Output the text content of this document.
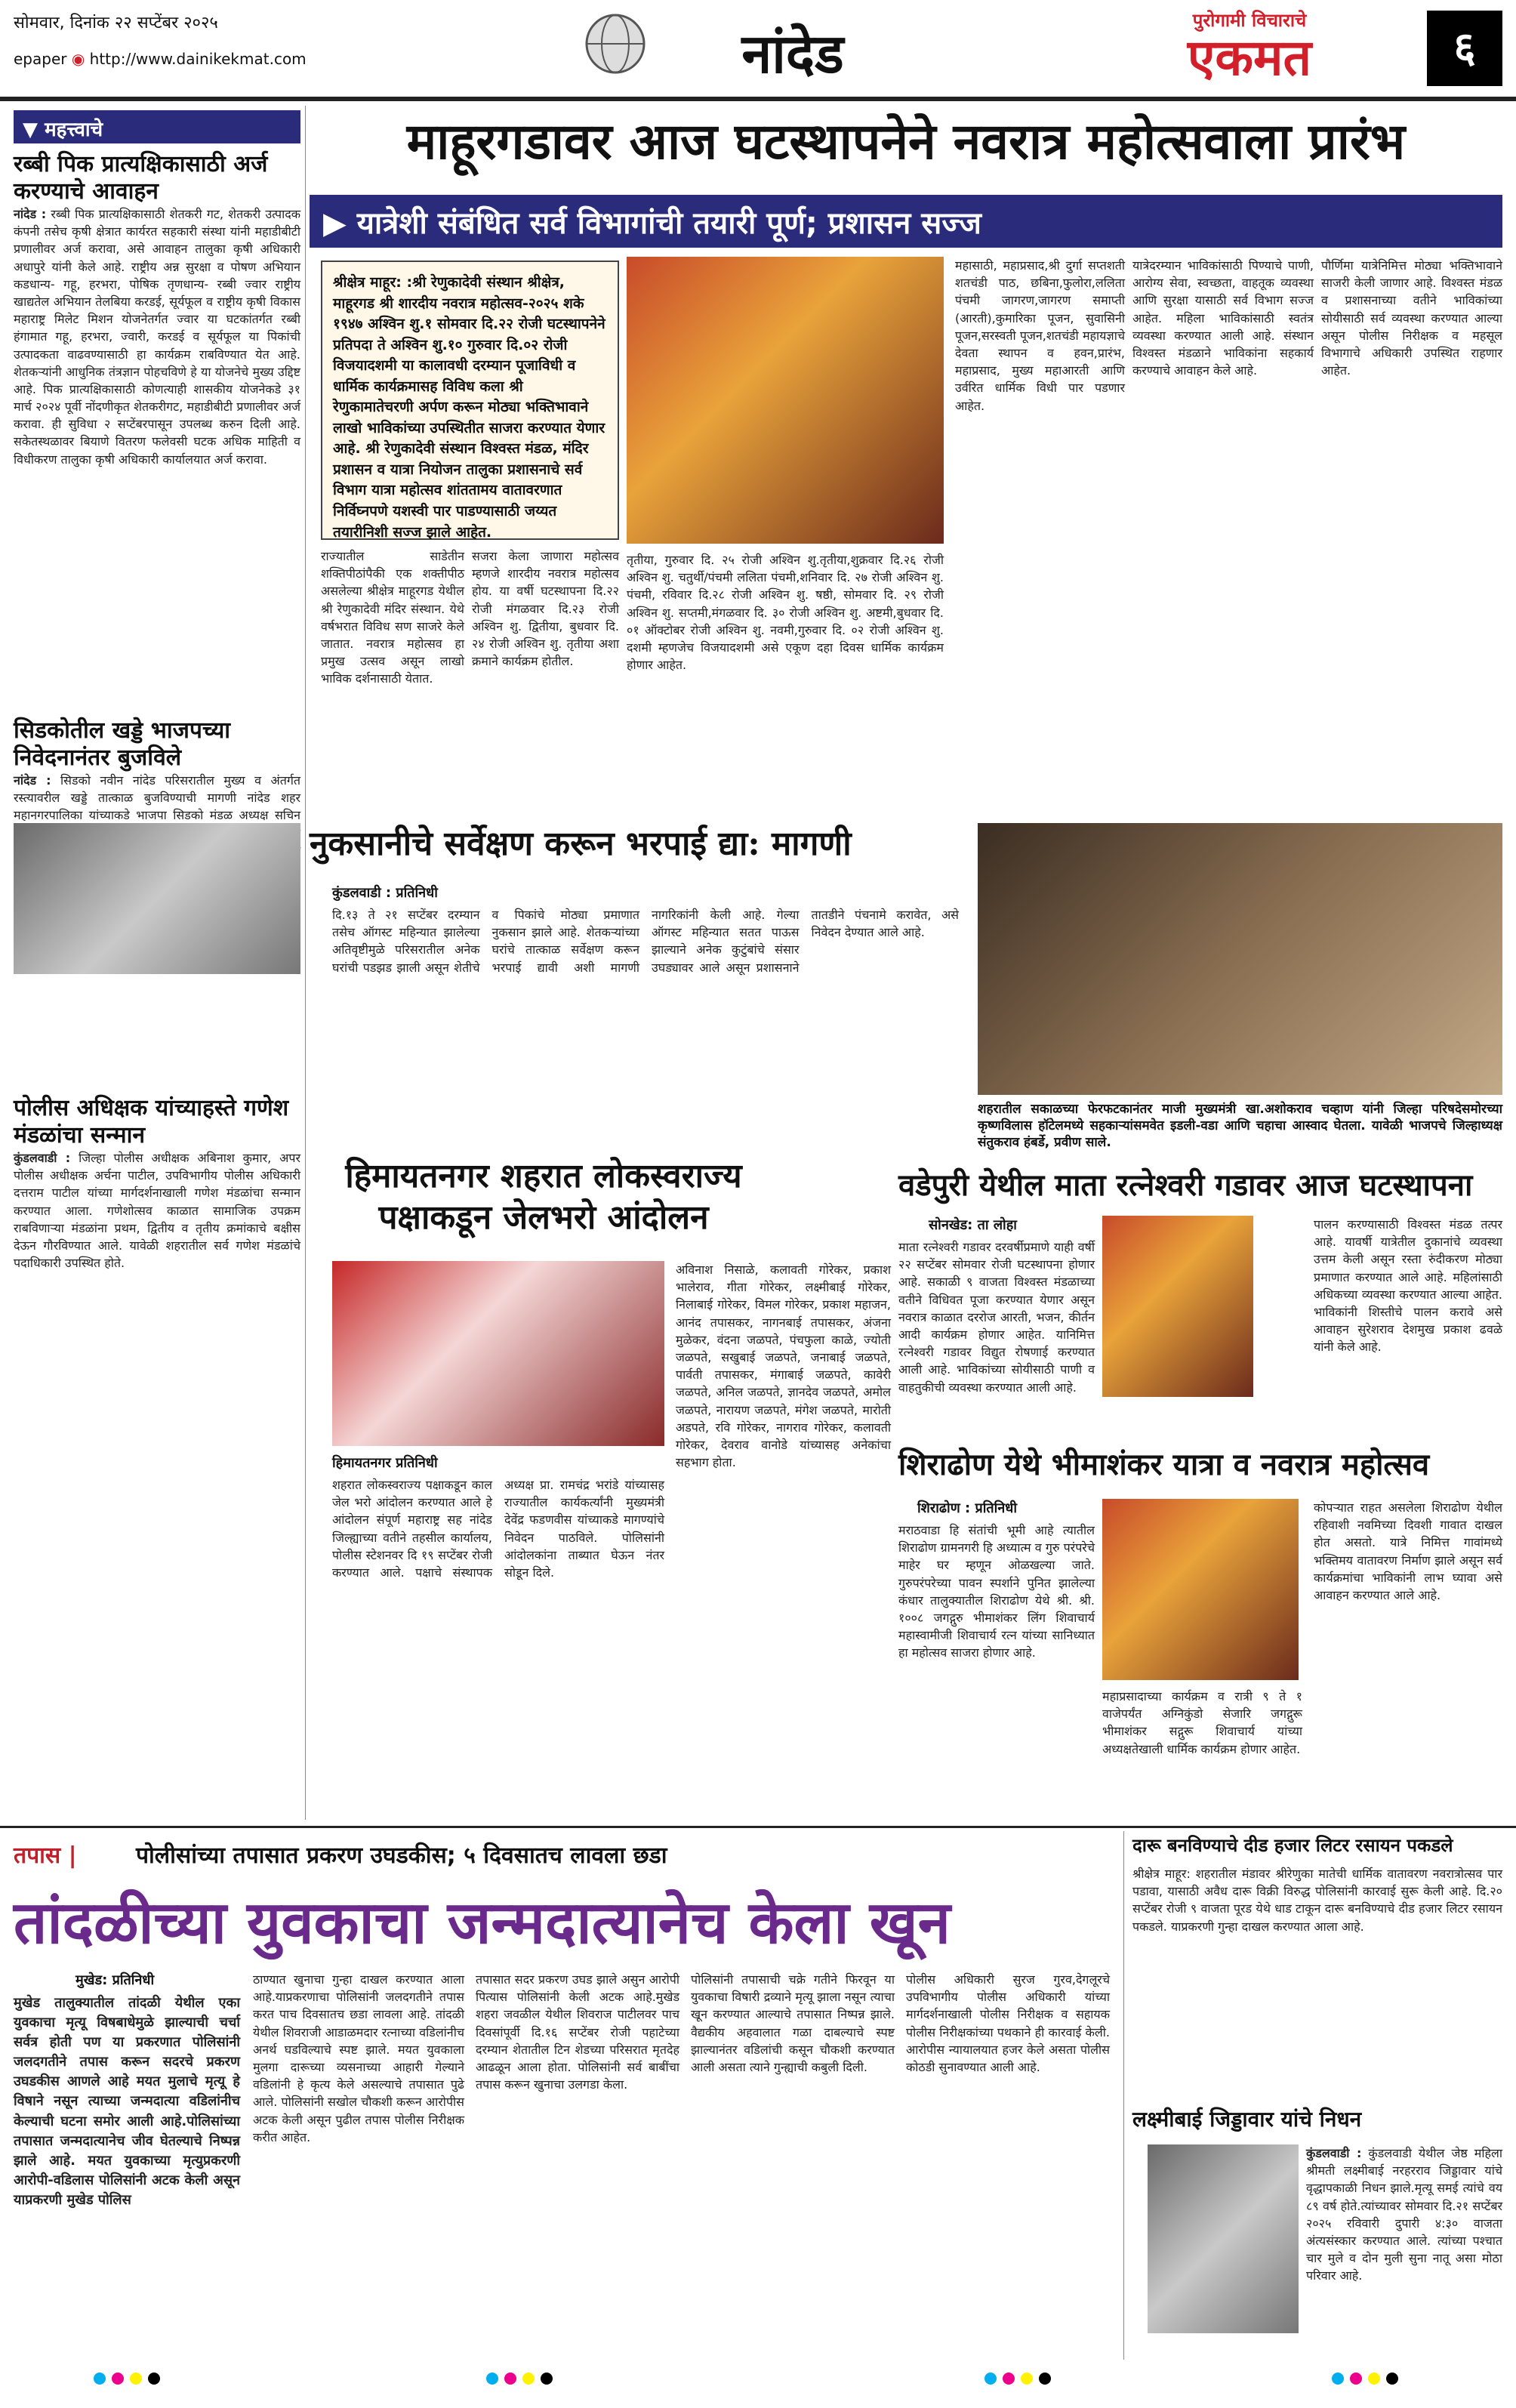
सोमवार, दिनांक २२ सप्टेंबर २०२५
epaper ◉ http://www.dainikekmat.com	नांदेड
पुरोगामी विचाराचे
एकमत	६
▼ महत्त्वाचे
रब्बी पिक प्रात्यक्षिकासाठी अर्ज करण्याचे आवाहन
नांदेड : रब्बी पिक प्रात्यक्षिकासाठी शेतकरी गट, शेतकरी उत्पादक कंपनी तसेच कृषी क्षेत्रात कार्यरत सहकारी संस्था यांनी महाडीबीटी प्रणालीवर अर्ज करावा, असे आवाहन तालुका कृषी अधिकारी अधापुरे यांनी केले आहे. राष्ट्रीय अन्न सुरक्षा व पोषण अभियान कडधान्य- गहू, हरभरा, पोषिक तृणधान्य- रब्बी ज्वार राष्ट्रीय खाद्यतेल अभियान तेलबिया करडई, सूर्यफूल व राष्ट्रीय कृषी विकास महाराष्ट्र मिलेट मिशन योजनेतर्गत ज्वार या घटकांतर्गत रब्बी हंगामात गहू, हरभरा, ज्वारी, करडई व सूर्यफूल या पिकांची उत्पादकता वाढवण्यासाठी हा कार्यक्रम राबविण्यात येत आहे. शेतकऱ्यांनी आधुनिक तंत्रज्ञान पोहचविणे हे या योजनेचे मुख्य उद्दिष्ट आहे. पिक प्रात्यक्षिकासाठी कोणत्याही शासकीय योजनेकडे ३१ मार्च २०२४ पूर्वी नोंदणीकृत शेतकरीगट, महाडीबीटी प्रणालीवर अर्ज करावा. ही सुविधा २ सप्टेंबरपासून उपलब्ध करुन दिली आहे. सकेतस्थळावर बियाणे वितरण फलेवसी घटक अधिक माहिती व विधीकरण तालुका कृषी अधिकारी कार्यालयात अर्ज करावा.
सिडकोतील खड्डे भाजपच्या निवेदनानंतर बुजविले
नांदेड : सिडको नवीन नांदेड परिसरातील मुख्य व अंतर्गत रस्त्यावरील खड्डे तात्काळ बुजविण्याची मागणी नांदेड शहर महानगरपालिका यांच्याकडे भाजपा सिडको मंडळ अध्यक्ष सचिन
पोलीस अधिक्षक यांच्याहस्ते गणेश मंडळांचा सन्मान
कुंडलवाडी : जिल्हा पोलीस अधीक्षक अबिनाश कुमार, अपर पोलीस अधीक्षक अर्चना पाटील, उपविभागीय पोलीस अधिकारी दत्तराम पाटील यांच्या मार्गदर्शनाखाली गणेश मंडळांचा सन्मान करण्यात आला. गणेशोत्सव काळात सामाजिक उपक्रम राबविणाऱ्या मंडळांना प्रथम, द्वितीय व तृतीय क्रमांकाचे बक्षीस देऊन गौरविण्यात आले. यावेळी शहरातील सर्व गणेश मंडळांचे पदाधिकारी उपस्थित होते.
माहूरगडावर आज घटस्थापनेने नवरात्र महोत्सवाला प्रारंभ
▶ यात्रेशी संबंधित सर्व विभागांची तयारी पूर्ण; प्रशासन सज्ज
श्रीक्षेत्र माहूर: :श्री रेणुकादेवी संस्थान श्रीक्षेत्र, माहूरगड श्री शारदीय नवरात्र महोत्सव-२०२५ शके १९४७ अश्विन शु.१ सोमवार दि.२२ रोजी घटस्थापनेने प्रतिपदा ते अश्विन शु.१० गुरुवार दि.०२ रोजी विजयादशमी या कालावधी दरम्यान पूजाविधी व धार्मिक कार्यक्रमासह विविध कला श्री रेणुकामातेचरणी अर्पण करून मोठ्या भक्तिभावाने लाखो भाविकांच्या उपस्थितीत साजरा करण्यात येणार आहे. श्री रेणुकादेवी संस्थान विश्वस्त मंडळ, मंदिर प्रशासन व यात्रा नियोजन तालुका प्रशासनाचे सर्व विभाग यात्रा महोत्सव शांततामय वातावरणात निर्विघ्नपणे यशस्वी पार पाडण्यासाठी जय्यत तयारीनिशी सज्ज झाले आहेत.
तृतीया, गुरुवार दि. २५ रोजी अश्विन शु.तृतीया,शुक्रवार दि.२६ रोजी अश्विन शु. चतुर्थी/पंचमी ललिता पंचमी,शनिवार दि. २७ रोजी अश्विन शु. पंचमी, रविवार दि.२८ रोजी अश्विन शु. षष्ठी, सोमवार दि. २९ रोजी अश्विन शु. सप्तमी,मंगळवार दि. ३० रोजी अश्विन शु. अष्टमी,बुधवार दि. ०१ ऑक्टोबर रोजी अश्विन शु. नवमी,गुरुवार दि. ०२ रोजी अश्विन शु. दशमी म्हणजेच विजयादशमी असे एकूण दहा दिवस धार्मिक कार्यक्रम होणार आहेत.
महासाठी, महाप्रसाद,श्री दुर्गा सप्तशती शतचंडी पाठ, छबिना,फुलोरा,ललिता पंचमी जागरण,जागरण समाप्ती (आरती),कुमारिका पूजन, सुवासिनी पूजन,सरस्वती पूजन,शतचंडी महायज्ञाचे देवता स्थापन व हवन,प्रारंभ, महाप्रसाद, मुख्य महाआरती आणि उर्वरित धार्मिक विधी पार पडणार आहेत.
यात्रेदरम्यान भाविकांसाठी पिण्याचे पाणी, आरोग्य सेवा, स्वच्छता, वाहतूक व्यवस्था आणि सुरक्षा यासाठी सर्व विभाग सज्ज आहेत. महिला भाविकांसाठी स्वतंत्र व्यवस्था करण्यात आली आहे. संस्थान विश्वस्त मंडळाने भाविकांना सहकार्य करण्याचे आवाहन केले आहे.
पौर्णिमा यात्रेनिमित्त मोठ्या भक्तिभावाने साजरी केली जाणार आहे. विश्वस्त मंडळ व प्रशासनाच्या वतीने भाविकांच्या सोयीसाठी सर्व व्यवस्था करण्यात आल्या असून पोलीस निरीक्षक व महसूल विभागाचे अधिकारी उपस्थित राहणार आहेत.
राज्यातील साडेतीन शक्तिपीठांपैकी एक शक्तीपीठ असलेल्या श्रीक्षेत्र माहूरगड येथील श्री रेणुकादेवी मंदिर संस्थान. येथे वर्षभरात विविध सण साजरे केले जातात. नवरात्र महोत्सव हा प्रमुख उत्सव असून लाखो भाविक दर्शनासाठी येतात.
सजरा केला जाणारा महोत्सव म्हणजे शारदीय नवरात्र महोत्सव होय. या वर्षी घटस्थापना दि.२२ रोजी मंगळवार दि.२३ रोजी अश्विन शु. द्वितीया, बुधवार दि. २४ रोजी अश्विन शु. तृतीया अशा क्रमाने कार्यक्रम होतील.
नुकसानीचे सर्वेक्षण करून भरपाई द्या: मागणी
कुंडलवाडी : प्रतिनिधी
दि.१३ ते २१ सप्टेंबर दरम्यान तसेच ऑगस्ट महिन्यात झालेल्या अतिवृष्टीमुळे परिसरातील अनेक घरांची पडझड झाली असून शेतीचे व पिकांचे मोठ्या प्रमाणात नुकसान झाले आहे. शेतकऱ्यांच्या घरांचे तात्काळ सर्वेक्षण करून भरपाई द्यावी अशी मागणी नागरिकांनी केली आहे. गेल्या ऑगस्ट महिन्यात सतत पाऊस झाल्याने अनेक कुटुंबांचे संसार उघड्यावर आले असून प्रशासनाने तातडीने पंचनामे करावेत, असे निवेदन देण्यात आले आहे.
शहरातील सकाळच्या फेरफटकानंतर माजी मुख्यमंत्री खा.अशोकराव चव्हाण यांनी जिल्हा परिषदेसमोरच्या कृष्णविलास हॉटेलमध्ये सहकाऱ्यांसमवेत इडली-वडा आणि चहाचा आस्वाद घेतला. यावेळी भाजपचे जिल्हाध्यक्ष संतुकराव हंबर्डे, प्रवीण साले.
हिमायतनगर शहरात लोकस्वराज्य पक्षाकडून जेलभरो आंदोलन
अविनाश निसाळे, कलावती गोरेकर, प्रकाश भालेराव, गीता गोरेकर, लक्ष्मीबाई गोरेकर, निलाबाई गोरेकर, विमल गोरेकर, प्रकाश महाजन, आनंद तपासकर, नागनबाई तपासकर, अंजना मुळेकर, वंदना जळपते, पंचफुला काळे, ज्योती जळपते, सखुबाई जळपते, जनाबाई जळपते, पार्वती तपासकर, मंगाबाई जळपते, कावेरी जळपते, अनिल जळपते, ज्ञानदेव जळपते, अमोल जळपते, नारायण जळपते, मंगेश जळपते, मारोती अडपते, रवि गोरेकर, नागराव गोरेकर, कलावती गोरेकर, देवराव वानोडे यांच्यासह अनेकांचा सहभाग होता.
हिमायतनगर प्रतिनिधी
शहरात लोकस्वराज्य पक्षाकडून काल जेल भरो आंदोलन करण्यात आले हे आंदोलन संपूर्ण महाराष्ट्र सह नांदेड जिल्ह्याच्या वतीने तहसील कार्यालय, पोलीस स्टेशनवर दि १९ सप्टेंबर रोजी करण्यात आले. पक्षाचे संस्थापक अध्यक्ष प्रा. रामचंद्र भरांडे यांच्यासह राज्यातील कार्यकर्त्यांनी मुख्यमंत्री देवेंद्र फडणवीस यांच्याकडे मागण्यांचे निवेदन पाठविले. पोलिसांनी आंदोलकांना ताब्यात घेऊन नंतर सोडून दिले.
वडेपुरी येथील माता रत्नेश्वरी गडावर आज घटस्थापना
सोनखेड: ता लोहा
माता रत्नेश्वरी गडावर दरवर्षीप्रमाणे याही वर्षी २२ सप्टेंबर सोमवार रोजी घटस्थापना होणार आहे. सकाळी ९ वाजता विश्वस्त मंडळाच्या वतीने विधिवत पूजा करण्यात येणार असून नवरात्र काळात दररोज आरती, भजन, कीर्तन आदी कार्यक्रम होणार आहेत. यानिमित्त रत्नेश्वरी गडावर विद्युत रोषणाई करण्यात आली आहे. भाविकांच्या सोयीसाठी पाणी व वाहतुकीची व्यवस्था करण्यात आली आहे.
पालन करण्यासाठी विश्वस्त मंडळ तत्पर आहे. यावर्षी यात्रेतील दुकानांचे व्यवस्था उत्तम केली असून रस्ता रुंदीकरण मोठ्या प्रमाणात करण्यात आले आहे. महिलांसाठी अधिकच्या व्यवस्था करण्यात आल्या आहेत. भाविकांनी शिस्तीचे पालन करावे असे आवाहन सुरेशराव देशमुख प्रकाश ढवळे यांनी केले आहे.
शिराढोण येथे भीमाशंकर यात्रा व नवरात्र महोत्सव
शिराढोण : प्रतिनिधी
मराठवाडा हि संतांची भूमी आहे त्यातील शिराढोण ग्रामनगरी हि अध्यात्म व गुरु परंपरेचे माहेर घर म्हणून ओळखल्या जाते. गुरुपरंपरेच्या पावन स्पर्शाने पुनित झालेल्या कंधार तालुक्यातील शिराढोण येथे श्री. श्री. १००८ जगद्गुरु भीमाशंकर लिंग शिवाचार्य महास्वामीजी शिवाचार्य रत्न यांच्या सानिध्यात हा महोत्सव साजरा होणार आहे.
महाप्रसादाच्या कार्यक्रम व रात्री ९ ते १ वाजेपर्यंत अग्निकुंडो सेजारि जगद्गुरू भीमाशंकर सद्गुरू शिवाचार्य यांच्या अध्यक्षतेखाली धार्मिक कार्यक्रम होणार आहेत.
कोपऱ्यात राहत असलेला शिराढोण येथील रहिवाशी नवमिच्या दिवशी गावात दाखल होत असतो. यात्रे निमित्त गावांमध्ये भक्तिमय वातावरण निर्माण झाले असून सर्व कार्यक्रमांचा भाविकांनी लाभ घ्यावा असे आवाहन करण्यात आले आहे.
तपास |	पोलीसांच्या तपासात प्रकरण उघडकीस; ५ दिवसातच लावला छडा
तांदळीच्या युवकाचा जन्मदात्यानेच केला खून
मुखेड: प्रतिनिधी
मुखेड तालुक्यातील तांदळी येथील एका युवकाचा मृत्यू विषबाधेमुळे झाल्याची चर्चा सर्वत्र होती पण या प्रकरणात पोलिसांनी जलदगतीने तपास करून सदरचे प्रकरण उघडकीस आणले आहे मयत मुलाचे मृत्यू हे विषाने नसून त्याच्या जन्मदात्या वडिलांनीच केल्याची घटना समोर आली आहे.पोलिसांच्या तपासात जन्मदात्यानेच जीव घेतल्याचे निष्पन्न झाले आहे. मयत युवकाच्या मृत्युप्रकरणी आरोपी-वडिलास पोलिसांनी अटक केली असून याप्रकरणी मुखेड पोलिस
ठाण्यात खुनाचा गुन्हा दाखल करण्यात आला आहे.याप्रकरणाचा पोलिसांनी जलदगतीने तपास करत पाच दिवसातच छडा लावला आहे. तांदळी येथील शिवराजी आडाळमदार रत्नाच्या वडिलांनीच अनर्थ घडविल्याचे स्पष्ट झाले. मयत युवकाला मुलगा दारूच्या व्यसनाच्या आहारी गेल्याने वडिलांनी हे कृत्य केले असल्याचे तपासात पुढे आले. पोलिसांनी सखोल चौकशी करून आरोपीस अटक केली असून पुढील तपास पोलीस निरीक्षक करीत आहेत.
तपासात सदर प्रकरण उघड झाले असुन आरोपी पित्यास पोलिसांनी केली अटक आहे.मुखेड शहरा जवळील येथील शिवराज पाटीलवर पाच दिवसांपूर्वी दि.१६ सप्टेंबर रोजी पहाटेच्या दरम्यान शेतातील टिन शेडच्या परिसरात मृतदेह आढळून आला होता. पोलिसांनी सर्व बाबींचा तपास करून खुनाचा उलगडा केला.
पोलिसांनी तपासाची चक्रे गतीने फिरवून या युवकाचा विषारी द्रव्याने मृत्यू झाला नसून त्याचा खून करण्यात आल्याचे तपासात निष्पन्न झाले. वैद्यकीय अहवालात गळा दाबल्याचे स्पष्ट झाल्यानंतर वडिलांची कसून चौकशी करण्यात आली असता त्याने गुन्ह्याची कबुली दिली.
पोलीस अधिकारी सुरज गुरव,देगलूरचे उपविभागीय पोलीस अधिकारी यांच्या मार्गदर्शनाखाली पोलीस निरीक्षक व सहायक पोलीस निरीक्षकांच्या पथकाने ही कारवाई केली. आरोपीस न्यायालयात हजर केले असता पोलीस कोठडी सुनावण्यात आली आहे.
दारू बनविण्याचे दीड हजार लिटर रसायन पकडले
श्रीक्षेत्र माहूर: शहरातील मंडावर श्रीरेणुका मातेची धार्मिक वातावरण नवरात्रोत्सव पार पडावा, यासाठी अवैध दारू विक्री विरुद्ध पोलिसांनी कारवाई सुरू केली आहे. दि.२० सप्टेंबर रोजी ९ वाजता पूरड येथे धाड टाकून दारू बनविण्याचे दीड हजार लिटर रसायन पकडले. याप्रकरणी गुन्हा दाखल करण्यात आला आहे.
लक्ष्मीबाई जिड्डावार यांचे निधन
कुंडलवाडी : कुंडलवाडी येथील जेष्ठ महिला श्रीमती लक्ष्मीबाई नरहरराव जिड्डावार यांचे वृद्धापकाळी निधन झाले.मृत्यू समई त्यांचे वय ८९ वर्ष होते.त्यांच्यावर सोमवार दि.२१ सप्टेंबर २०२५ रविवारी दुपारी ४:३० वाजता अंत्यसंस्कार करण्यात आले. त्यांच्या पश्चात चार मुले व दोन मुली सुना नातू असा मोठा परिवार आहे.
